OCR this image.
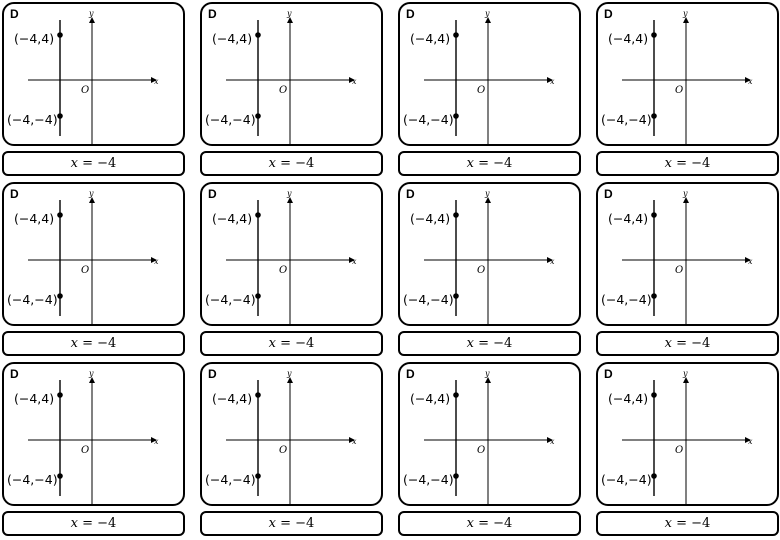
D
(−4,4)
(−4,−4)
O
x
y
x = −4
D
(−4,4)
(−4,−4)
O
x
y
x = −4
D
(−4,4)
(−4,−4)
O
x
y
x = −4
D
(−4,4)
(−4,−4)
O
x
y
x = −4
D
(−4,4)
(−4,−4)
O
x
y
x = −4
D
(−4,4)
(−4,−4)
O
x
y
x = −4
D
(−4,4)
(−4,−4)
O
x
y
x = −4
D
(−4,4)
(−4,−4)
O
x
y
x = −4
D
(−4,4)
(−4,−4)
O
x
y
x = −4
D
(−4,4)
(−4,−4)
O
x
y
x = −4
D
(−4,4)
(−4,−4)
O
x
y
x = −4
D
(−4,4)
(−4,−4)
O
x
y
x = −4
